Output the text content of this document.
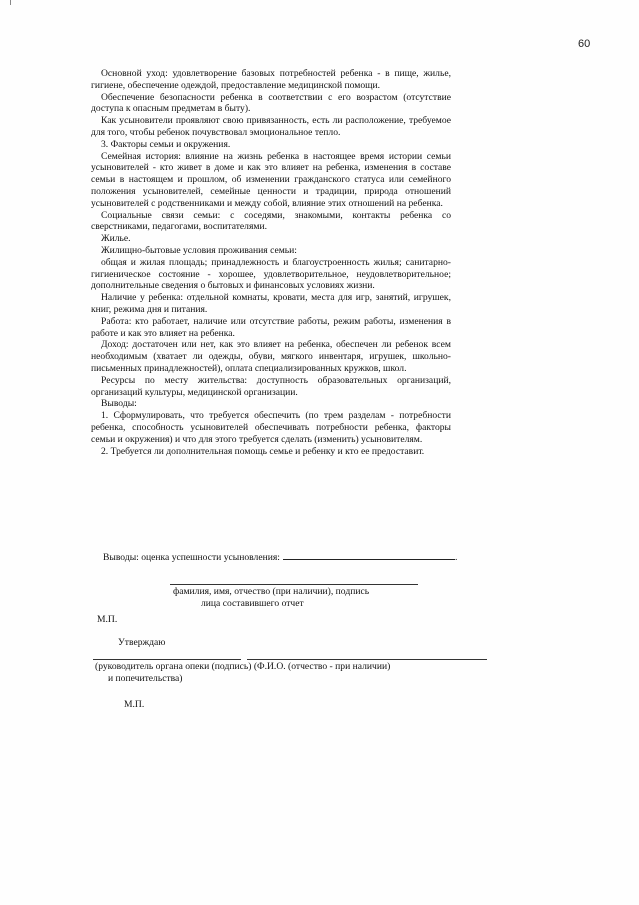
60

Основной уход: удовлетворение базовых потребностей ребенка - в пище, жилье, гигиене, обеспечение одеждой, предоставление медицинской помощи.

Обеспечение безопасности ребенка в соответствии с его возрастом (отсутствие доступа к опасным предметам в быту).

Как усыновители проявляют свою привязанность, есть ли расположение, требуемое для того, чтобы ребенок почувствовал эмоциональное тепло.

3. Факторы семьи и окружения.

Семейная история: влияние на жизнь ребенка в настоящее время истории семьи усыновителей - кто живет в доме и как это влияет на ребенка, изменения в составе семьи в настоящем и прошлом, об изменении гражданского статуса или семейного положения усыновителей, семейные ценности и традиции, природа отношений усыновителей с родственниками и между собой, влияние этих отношений на ребенка.

Социальные связи семьи: с соседями, знакомыми, контакты ребенка со сверстниками, педагогами, воспитателями.

Жилье.

Жилищно-бытовые условия проживания семьи:

общая и жилая площадь; принадлежность и благоустроенность жилья; санитарно-гигиеническое состояние - хорошее, удовлетворительное, неудовлетворительное; дополнительные сведения о бытовых и финансовых условиях жизни.

Наличие у ребенка: отдельной комнаты, кровати, места для игр, занятий, игрушек, книг, режима дня и питания.

Работа: кто работает, наличие или отсутствие работы, режим работы, изменения в работе и как это влияет на ребенка.

Доход: достаточен или нет, как это влияет на ребенка, обеспечен ли ребенок всем необходимым (хватает ли одежды, обуви, мягкого инвентаря, игрушек, школьно-письменных принадлежностей), оплата специализированных кружков, школ.

Ресурсы по месту жительства: доступность образовательных организаций, организаций культуры, медицинской организации.

Выводы:

1. Сформулировать, что требуется обеспечить (по трем разделам - потребности ребенка, способность усыновителей обеспечивать потребности ребенка, факторы семьи и окружения) и что для этого требуется сделать (изменить) усыновителям.

2. Требуется ли дополнительная помощь семье и ребенку и кто ее предоставит.

Выводы: оценка успешности усыновления:	.
фамилия, имя, отчество (при наличии), подпись
лица составившего отчет
М.П.
Утверждаю
(руководитель органа опеки (подпись) (Ф.И.О. (отчество - при наличии)
и попечительства)
М.П.
